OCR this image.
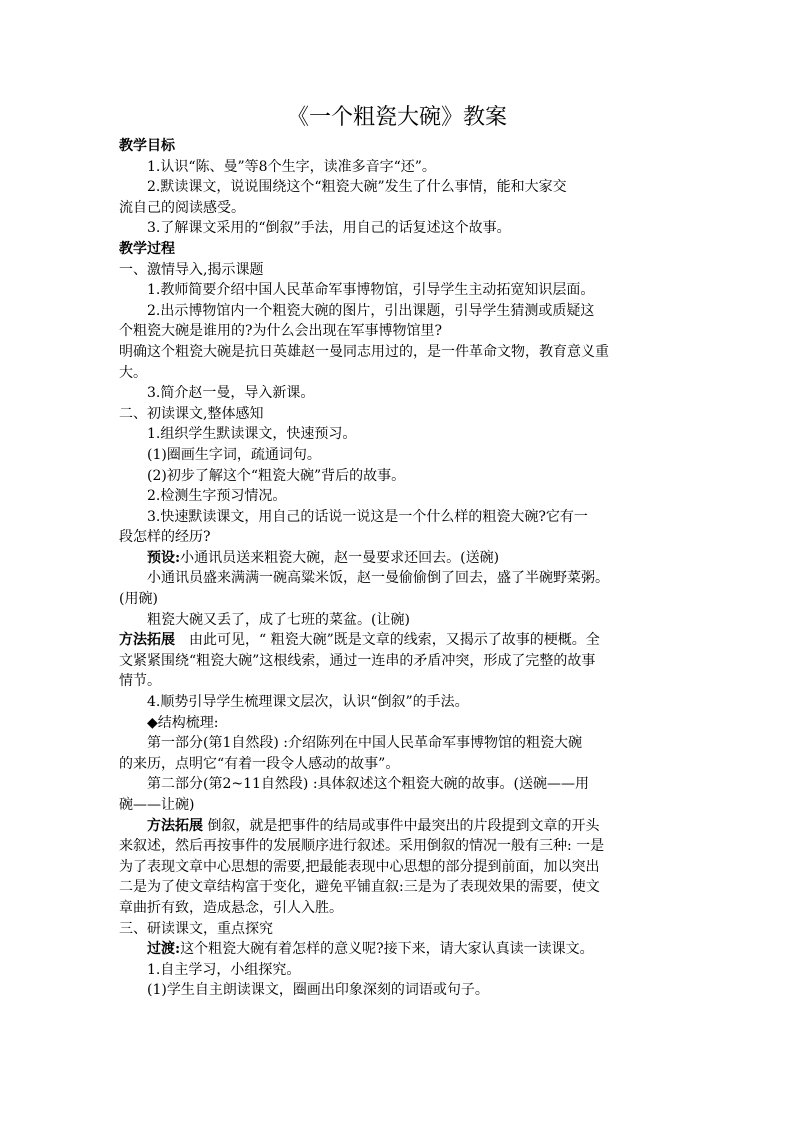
《一个粗瓷大碗》教案

教学目标

1.认识“陈、曼”等8个生字，读准多音字“还”。

2.默读课文，说说围绕这个“粗瓷大碗”发生了什么事情，能和大家交

流自己的阅读感受。

3.了解课文采用的“倒叙”手法，用自己的话复述这个故事。

教学过程

一、激情导入,揭示课题

1.教师简要介绍中国人民革命军事博物馆，引导学生主动拓宽知识层面。

2.出示博物馆内一个粗瓷大碗的图片，引出课题，引导学生猜测或质疑这

个粗瓷大碗是谁用的?为什么会出现在军事博物馆里?

明确这个粗瓷大碗是抗日英雄赵一曼同志用过的，是一件革命文物，教育意义重

大。

3.简介赵一曼，导入新课。

二、初读课文,整体感知

1.组织学生默读课文，快速预习。

(1)圈画生字词，疏通词句。

(2)初步了解这个“粗瓷大碗”背后的故事。

2.检测生字预习情况。

3.快速默读课文，用自己的话说一说这是一个什么样的粗瓷大碗?它有一

段怎样的经历?

预设:小通讯员送来粗瓷大碗，赵一曼要求还回去。(送碗)

小通讯员盛来满满一碗高粱米饭，赵一曼偷偷倒了回去，盛了半碗野菜粥。

(用碗)

粗瓷大碗又丢了，成了七班的菜盆。(让碗)

方法拓展　由此可见，“ 粗瓷大碗”既是文章的线索，又揭示了故事的梗概。全

文紧紧围绕“粗瓷大碗”这根线索，通过一连串的矛盾冲突，形成了完整的故事

情节。

4.顺势引导学生梳理课文层次，认识“倒叙”的手法。

◆结构梳理:

第一部分(第1自然段) :介绍陈列在中国人民革命军事博物馆的粗瓷大碗

的来历，点明它“有着一段令人感动的故事”。

第二部分(第2~11自然段) :具体叙述这个粗瓷大碗的故事。(送碗——用

碗——让碗)

方法拓展 倒叙，就是把事件的结局或事件中最突出的片段提到文章的开头

来叙述，然后再按事件的发展顺序进行叙述。采用倒叙的情况一般有三种: 一是

为了表现文章中心思想的需要,把最能表现中心思想的部分提到前面，加以突出

二是为了使文章结构富于变化，避免平铺直叙:三是为了表现效果的需要，使文

章曲折有致，造成悬念，引人入胜。

三、研读课文，重点探究

过渡:这个粗瓷大碗有着怎样的意义呢?接下来，请大家认真读一读课文。

1.自主学习，小组探究。

(1)学生自主朗读课文，圈画出印象深刻的词语或句子。
